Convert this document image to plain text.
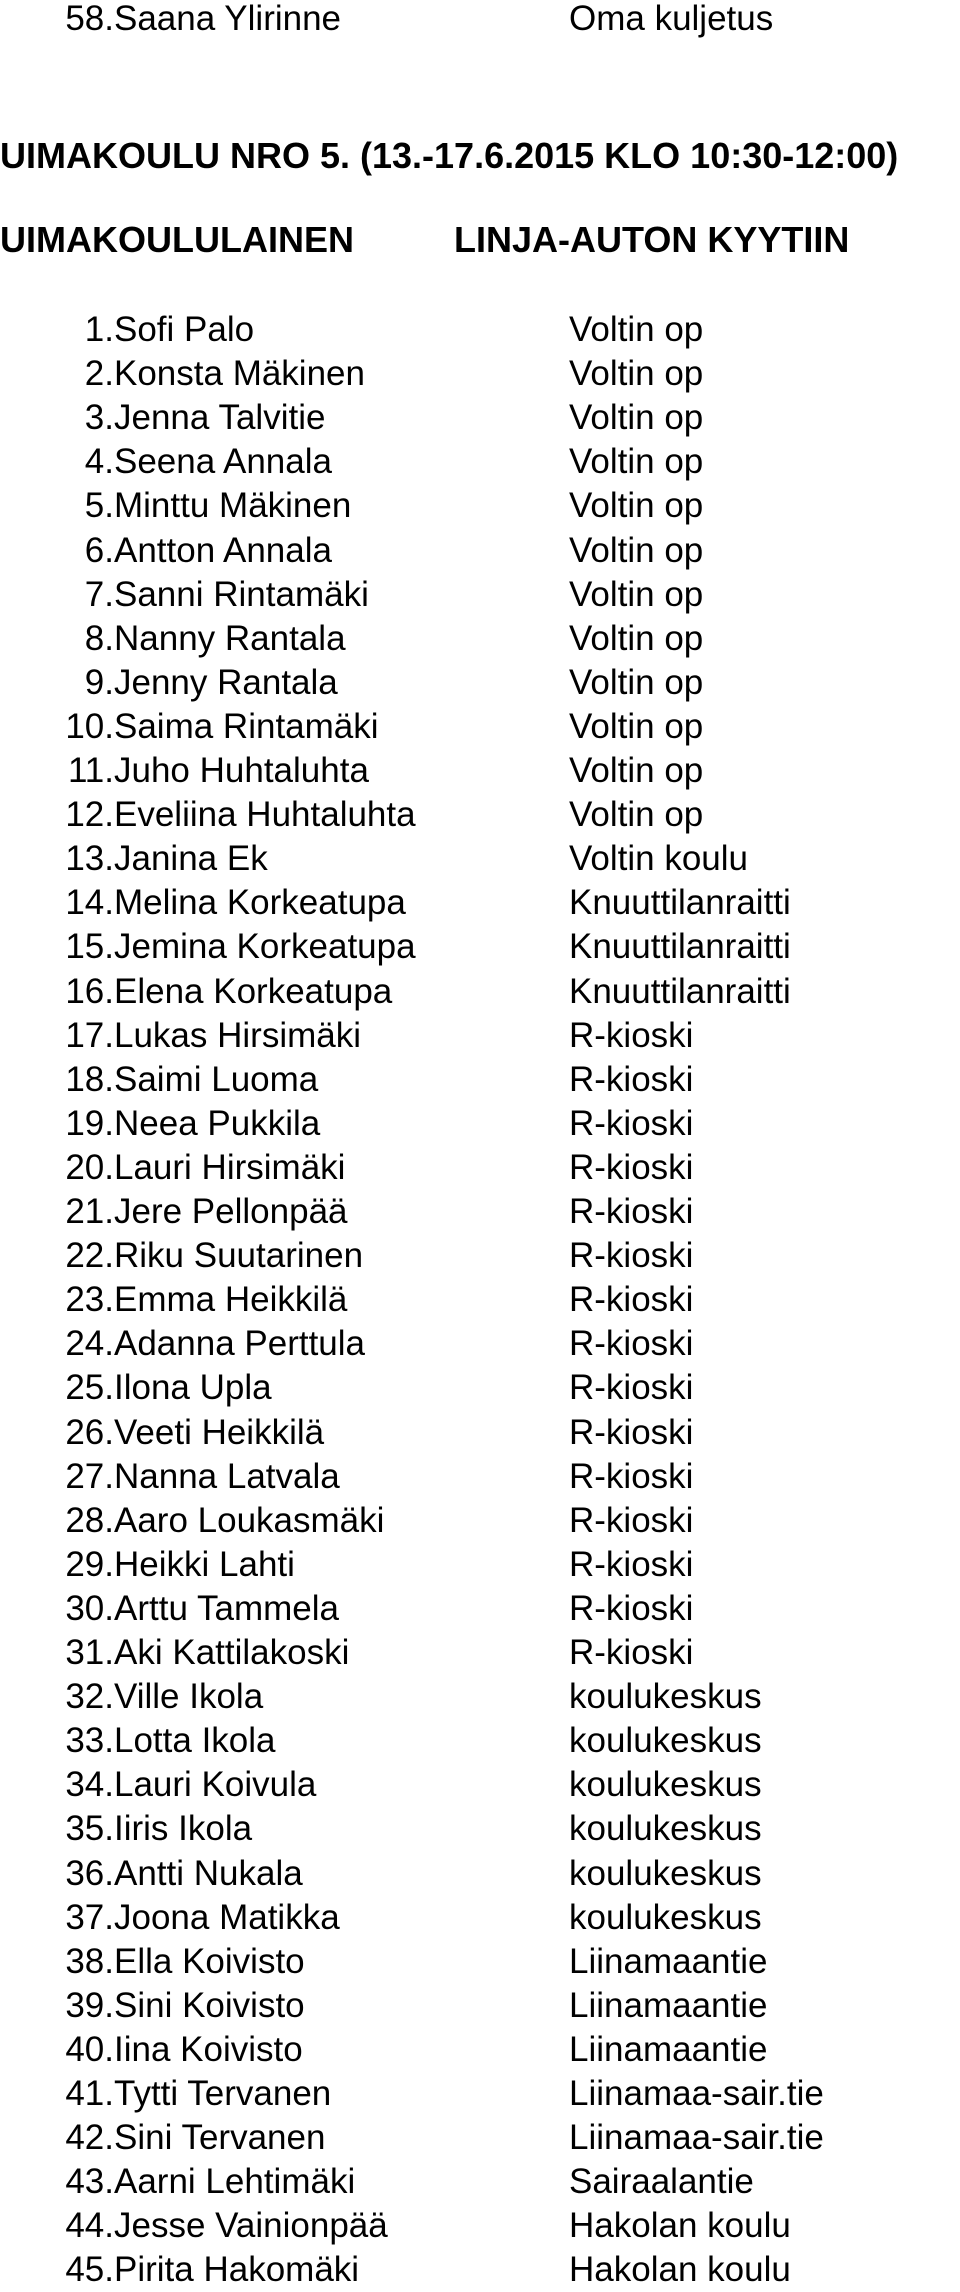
58. Saana Ylirinne	Oma kuljetus
UIMAKOULU NRO 5. (13.-17.6.2015 KLO 10:30-12:00)
UIMAKOULULAINEN	LINJA-AUTON KYYTIIN
1. Sofi Palo	Voltin op
2. Konsta Mäkinen	Voltin op
3. Jenna Talvitie	Voltin op
4. Seena Annala	Voltin op
5. Minttu Mäkinen	Voltin op
6. Antton Annala	Voltin op
7. Sanni Rintamäki	Voltin op
8. Nanny Rantala	Voltin op
9. Jenny Rantala	Voltin op
10. Saima Rintamäki	Voltin op
11. Juho Huhtaluhta	Voltin op
12. Eveliina Huhtaluhta	Voltin op
13. Janina Ek	Voltin koulu
14. Melina Korkeatupa	Knuuttilanraitti
15. Jemina Korkeatupa	Knuuttilanraitti
16. Elena Korkeatupa	Knuuttilanraitti
17. Lukas Hirsimäki	R-kioski
18. Saimi Luoma	R-kioski
19. Neea Pukkila	R-kioski
20. Lauri Hirsimäki	R-kioski
21. Jere Pellonpää	R-kioski
22. Riku Suutarinen	R-kioski
23. Emma Heikkilä	R-kioski
24. Adanna Perttula	R-kioski
25. Ilona Upla	R-kioski
26. Veeti Heikkilä	R-kioski
27. Nanna Latvala	R-kioski
28. Aaro Loukasmäki	R-kioski
29. Heikki Lahti	R-kioski
30. Arttu Tammela	R-kioski
31. Aki Kattilakoski	R-kioski
32. Ville Ikola	koulukeskus
33. Lotta Ikola	koulukeskus
34. Lauri Koivula	koulukeskus
35. Iiris Ikola	koulukeskus
36. Antti Nukala	koulukeskus
37. Joona Matikka	koulukeskus
38. Ella Koivisto	Liinamaantie
39. Sini Koivisto	Liinamaantie
40. Iina Koivisto	Liinamaantie
41. Tytti Tervanen	Liinamaa-sair.tie
42. Sini Tervanen	Liinamaa-sair.tie
43. Aarni Lehtimäki	Sairaalantie
44. Jesse Vainionpää	Hakolan koulu
45. Pirita Hakomäki	Hakolan koulu
